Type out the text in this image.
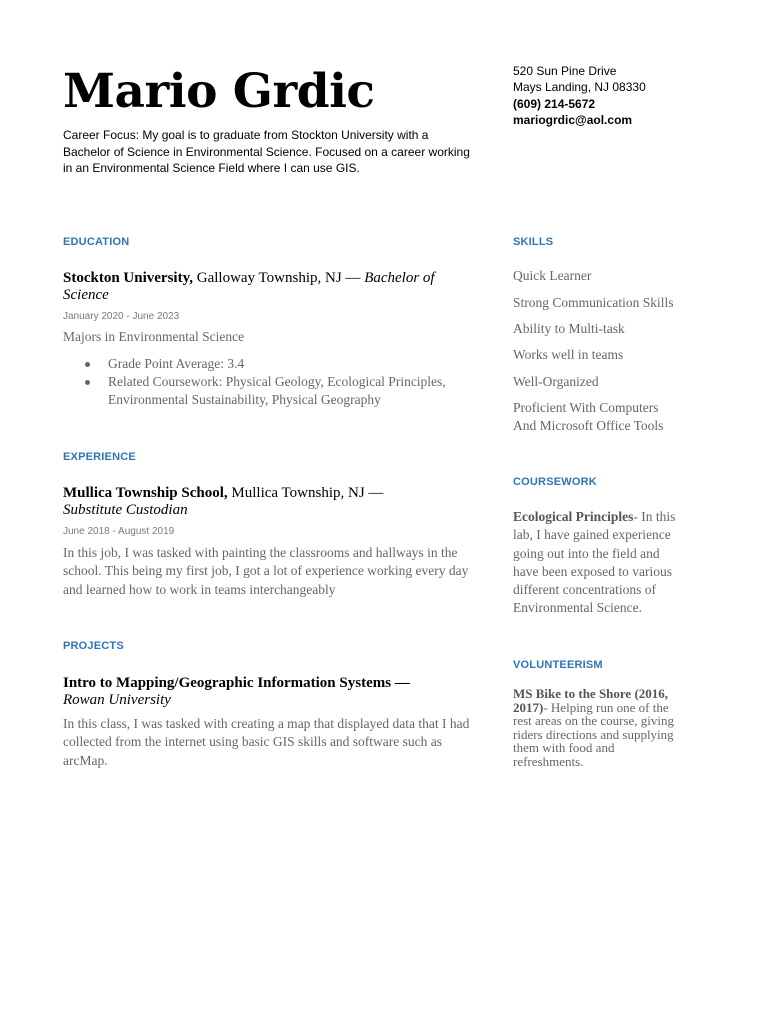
Mario Grdic

Career Focus: My goal is to graduate from Stockton University with a Bachelor of Science in Environmental Science. Focused on a career working in an Environmental Science Field where I can use GIS.

520 Sun Pine Drive
Mays Landing, NJ 08330
(609) 214-5672
mariogrdic@aol.com
EDUCATION

Stockton University, Galloway Township, NJ — Bachelor of Science

January 2020 - June 2023

Majors in Environmental Science

Grade Point Average: 3.4
Related Coursework: Physical Geology, Ecological Principles, Environmental Sustainability, Physical Geography
EXPERIENCE

Mullica Township School, Mullica Township, NJ —
Substitute Custodian

June 2018 - August 2019

In this job, I was tasked with painting the classrooms and hallways in the school. This being my first job, I got a lot of experience working every day and learned how to work in teams interchangeably

PROJECTS

Intro to Mapping/Geographic Information Systems —
Rowan University

In this class, I was tasked with creating a map that displayed data that I had collected from the internet using basic GIS skills and software such as arcMap.

SKILLS

Quick Learner

Strong Communication Skills

Ability to Multi-task

Works well in teams

Well-Organized

Proficient With Computers And Microsoft Office Tools

COURSEWORK

Ecological Principles- In this lab, I have gained experience going out into the field and have been exposed to various different concentrations of Environmental Science.

VOLUNTEERISM

MS Bike to the Shore (2016, 2017)- Helping run one of the rest areas on the course, giving riders directions and supplying them with food and refreshments.
